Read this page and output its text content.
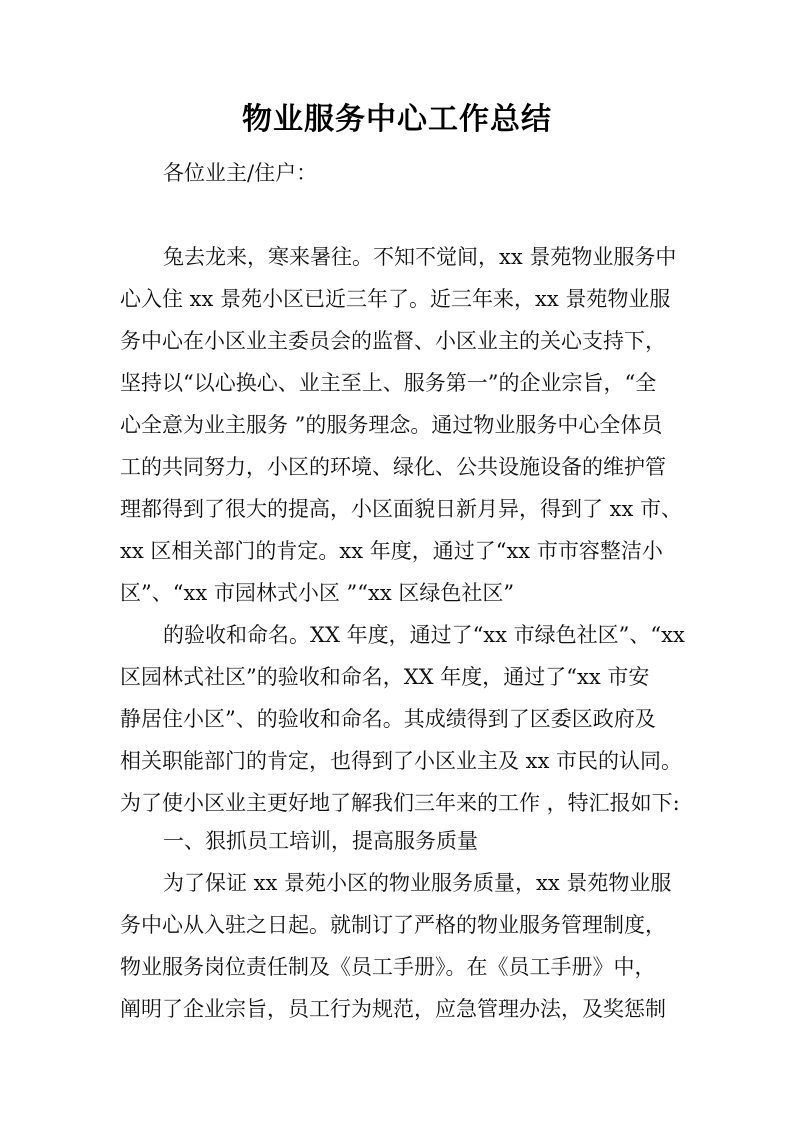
物业服务中心工作总结
各位业主/住户：
兔去龙来，寒来暑往。不知不觉间，xx 景苑物业服务中
心入住 xx 景苑小区已近三年了。近三年来，xx 景苑物业服
务中心在小区业主委员会的监督、小区业主的关心支持下，
坚持以“以心换心、业主至上、服务第一”的企业宗旨，“全
心全意为业主服务 ”的服务理念。通过物业服务中心全体员
工的共同努力，小区的环境、绿化、公共设施设备的维护管
理都得到了很大的提高，小区面貌日新月异，得到了 xx 市、
xx 区相关部门的肯定。xx 年度，通过了“xx 市市容整洁小
区”、“xx 市园林式小区 ”“xx 区绿色社区”
的验收和命名。XX 年度，通过了“xx 市绿色社区”、“xx
区园林式社区”的验收和命名，XX 年度，通过了“xx 市安
静居住小区”、的验收和命名。其成绩得到了区委区政府及
相关职能部门的肯定，也得到了小区业主及 xx 市民的认同。
为了使小区业主更好地了解我们三年来的工作 ，特汇报如下:
一、狠抓员工培训，提高服务质量
为了保证 xx 景苑小区的物业服务质量，xx 景苑物业服
务中心从入驻之日起。就制订了严格的物业服务管理制度，
物业服务岗位责任制及《员工手册》。在《员工手册》中，
阐明了企业宗旨，员工行为规范，应急管理办法，及奖惩制
